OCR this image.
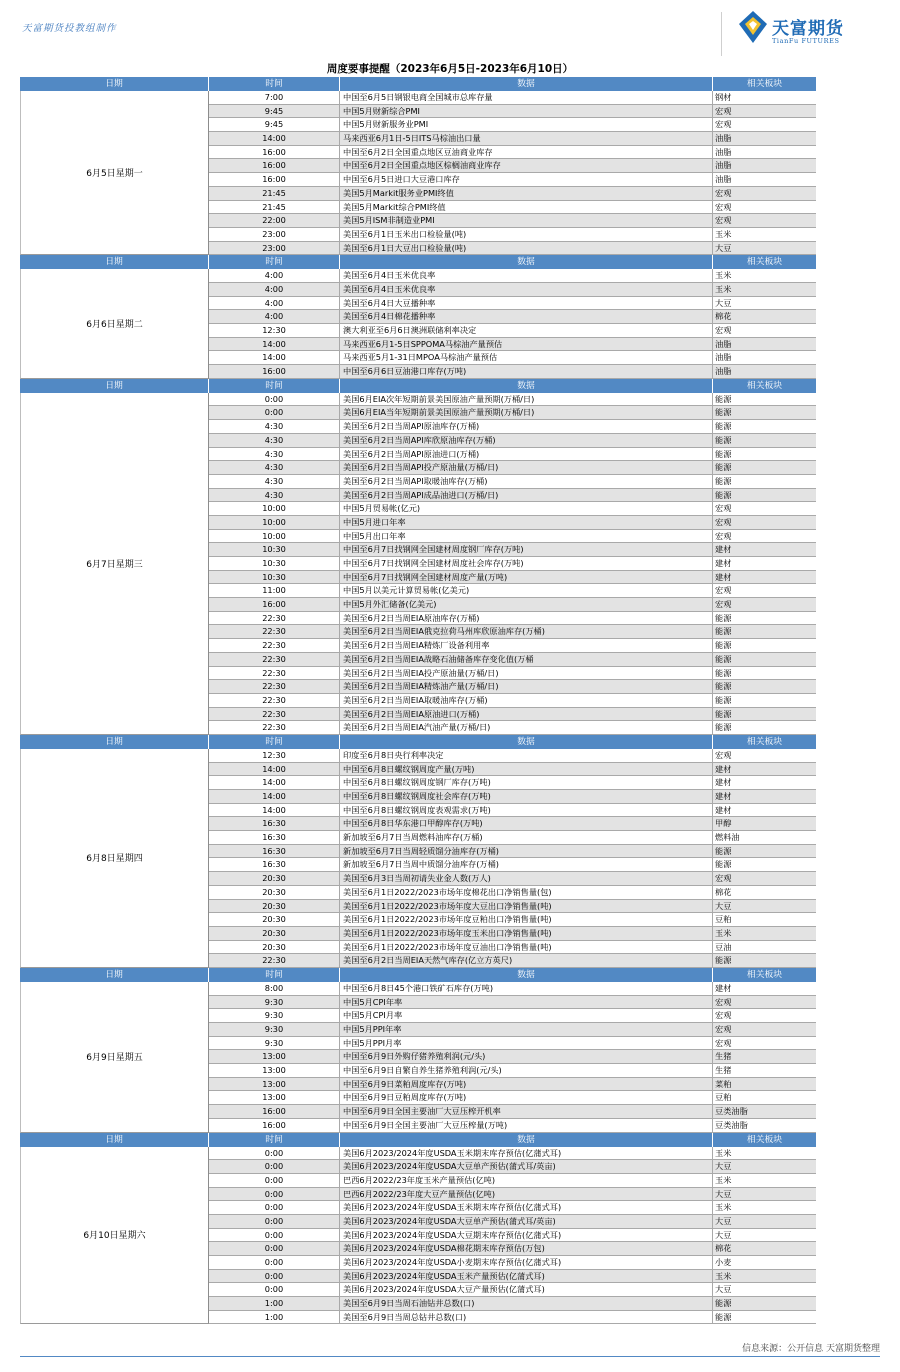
天富期货投教组制作	天富期货
TianFu FUTURES
周度要事提醒（2023年6月5日-2023年6月10日）
日期	时间	数据	相关板块
6月5日星期一
7:00	中国至6月5日钢银电商全国城市总库存量	钢材
9:45	中国5月财新综合PMI	宏观
9:45	中国5月财新服务业PMI	宏观
14:00	马来西亚6月1日-5日ITS马棕油出口量	油脂
16:00	中国至6月2日全国重点地区豆油商业库存	油脂
16:00	中国至6月2日全国重点地区棕榈油商业库存	油脂
16:00	中国至6月5日进口大豆港口库存	油脂
21:45	美国5月Markit服务业PMI终值	宏观
21:45	美国5月Markit综合PMI终值	宏观
22:00	美国5月ISM非制造业PMI	宏观
23:00	美国至6月1日玉米出口检验量(吨)	玉米
23:00	美国至6月1日大豆出口检验量(吨)	大豆
日期	时间	数据	相关板块
6月6日星期二
4:00	美国至6月4日玉米优良率	玉米
4:00	美国至6月4日玉米优良率	玉米
4:00	美国至6月4日大豆播种率	大豆
4:00	美国至6月4日棉花播种率	棉花
12:30	澳大利亚至6月6日澳洲联储利率决定	宏观
14:00	马来西亚6月1-5日SPPOMA马棕油产量预估	油脂
14:00	马来西亚5月1-31日MPOA马棕油产量预估	油脂
16:00	中国至6月6日豆油港口库存(万吨)	油脂
日期	时间	数据	相关板块
6月7日星期三
0:00	美国6月EIA次年短期前景美国原油产量预期(万桶/日)	能源
0:00	美国6月EIA当年短期前景美国原油产量预期(万桶/日)	能源
4:30	美国至6月2日当周API原油库存(万桶)	能源
4:30	美国至6月2日当周API库欣原油库存(万桶)	能源
4:30	美国至6月2日当周API原油进口(万桶)	能源
4:30	美国至6月2日当周API投产原油量(万桶/日)	能源
4:30	美国至6月2日当周API取暖油库存(万桶)	能源
4:30	美国至6月2日当周API成品油进口(万桶/日)	能源
10:00	中国5月贸易帐(亿元)	宏观
10:00	中国5月进口年率	宏观
10:00	中国5月出口年率	宏观
10:30	中国至6月7日找钢网全国建材周度钢厂库存(万吨)	建材
10:30	中国至6月7日找钢网全国建材周度社会库存(万吨)	建材
10:30	中国至6月7日找钢网全国建材周度产量(万吨)	建材
11:00	中国5月以美元计算贸易帐(亿美元)	宏观
16:00	中国5月外汇储备(亿美元)	宏观
22:30	美国至6月2日当周EIA原油库存(万桶)	能源
22:30	美国至6月2日当周EIA俄克拉荷马州库欣原油库存(万桶)	能源
22:30	美国至6月2日当周EIA精炼厂设备利用率	能源
22:30	美国至6月2日当周EIA战略石油储备库存变化值(万桶	能源
22:30	美国至6月2日当周EIA投产原油量(万桶/日)	能源
22:30	美国至6月2日当周EIA精炼油产量(万桶/日)	能源
22:30	美国至6月2日当周EIA取暖油库存(万桶)	能源
22:30	美国至6月2日当周EIA原油进口(万桶)	能源
22:30	美国至6月2日当周EIA汽油产量(万桶/日)	能源
日期	时间	数据	相关板块
6月8日星期四
12:30	印度至6月8日央行利率决定	宏观
14:00	中国至6月8日螺纹钢周度产量(万吨)	建材
14:00	中国至6月8日螺纹钢周度钢厂库存(万吨)	建材
14:00	中国至6月8日螺纹钢周度社会库存(万吨)	建材
14:00	中国至6月8日螺纹钢周度表观需求(万吨)	建材
16:30	中国至6月8日华东港口甲醇库存(万吨)	甲醇
16:30	新加坡至6月7日当周燃料油库存(万桶)	燃料油
16:30	新加坡至6月7日当周轻质馏分油库存(万桶)	能源
16:30	新加坡至6月7日当周中质馏分油库存(万桶)	能源
20:30	美国至6月3日当周初请失业金人数(万人)	宏观
20:30	美国至6月1日2022/2023市场年度棉花出口净销售量(包)	棉花
20:30	美国至6月1日2022/2023市场年度大豆出口净销售量(吨)	大豆
20:30	美国至6月1日2022/2023市场年度豆粕出口净销售量(吨)	豆粕
20:30	美国至6月1日2022/2023市场年度玉米出口净销售量(吨)	玉米
20:30	美国至6月1日2022/2023市场年度豆油出口净销售量(吨)	豆油
22:30	美国至6月2日当周EIA天然气库存(亿立方英尺)	能源
日期	时间	数据	相关板块
6月9日星期五
8:00	中国至6月8日45个港口铁矿石库存(万吨)	建材
9:30	中国5月CPI年率	宏观
9:30	中国5月CPI月率	宏观
9:30	中国5月PPI年率	宏观
9:30	中国5月PPI月率	宏观
13:00	中国至6月9日外购仔猪养殖利润(元/头)	生猪
13:00	中国至6月9日自繁自养生猪养殖利润(元/头)	生猪
13:00	中国至6月9日菜粕周度库存(万吨)	菜粕
13:00	中国至6月9日豆粕周度库存(万吨)	豆粕
16:00	中国至6月9日全国主要油厂大豆压榨开机率	豆类油脂
16:00	中国至6月9日全国主要油厂大豆压榨量(万吨)	豆类油脂
日期	时间	数据	相关板块
6月10日星期六
0:00	美国6月2023/2024年度USDA玉米期末库存预估(亿蒲式耳)	玉米
0:00	美国6月2023/2024年度USDA大豆单产预估(蒲式耳/英亩)	大豆
0:00	巴西6月2022/23年度玉米产量预估(亿吨)	玉米
0:00	巴西6月2022/23年度大豆产量预估(亿吨)	大豆
0:00	美国6月2023/2024年度USDA玉米期末库存预估(亿蒲式耳)	玉米
0:00	美国6月2023/2024年度USDA大豆单产预估(蒲式耳/英亩)	大豆
0:00	美国6月2023/2024年度USDA大豆期末库存预估(亿蒲式耳)	大豆
0:00	美国6月2023/2024年度USDA棉花期末库存预估(万包)	棉花
0:00	美国6月2023/2024年度USDA小麦期末库存预估(亿蒲式耳)	小麦
0:00	美国6月2023/2024年度USDA玉米产量预估(亿蒲式耳)	玉米
0:00	美国6月2023/2024年度USDA大豆产量预估(亿蒲式耳)	大豆
1:00	美国至6月9日当周石油钻井总数(口)	能源
1:00	美国至6月9日当周总钻井总数(口)	能源
信息来源：公开信息 天富期货整理
